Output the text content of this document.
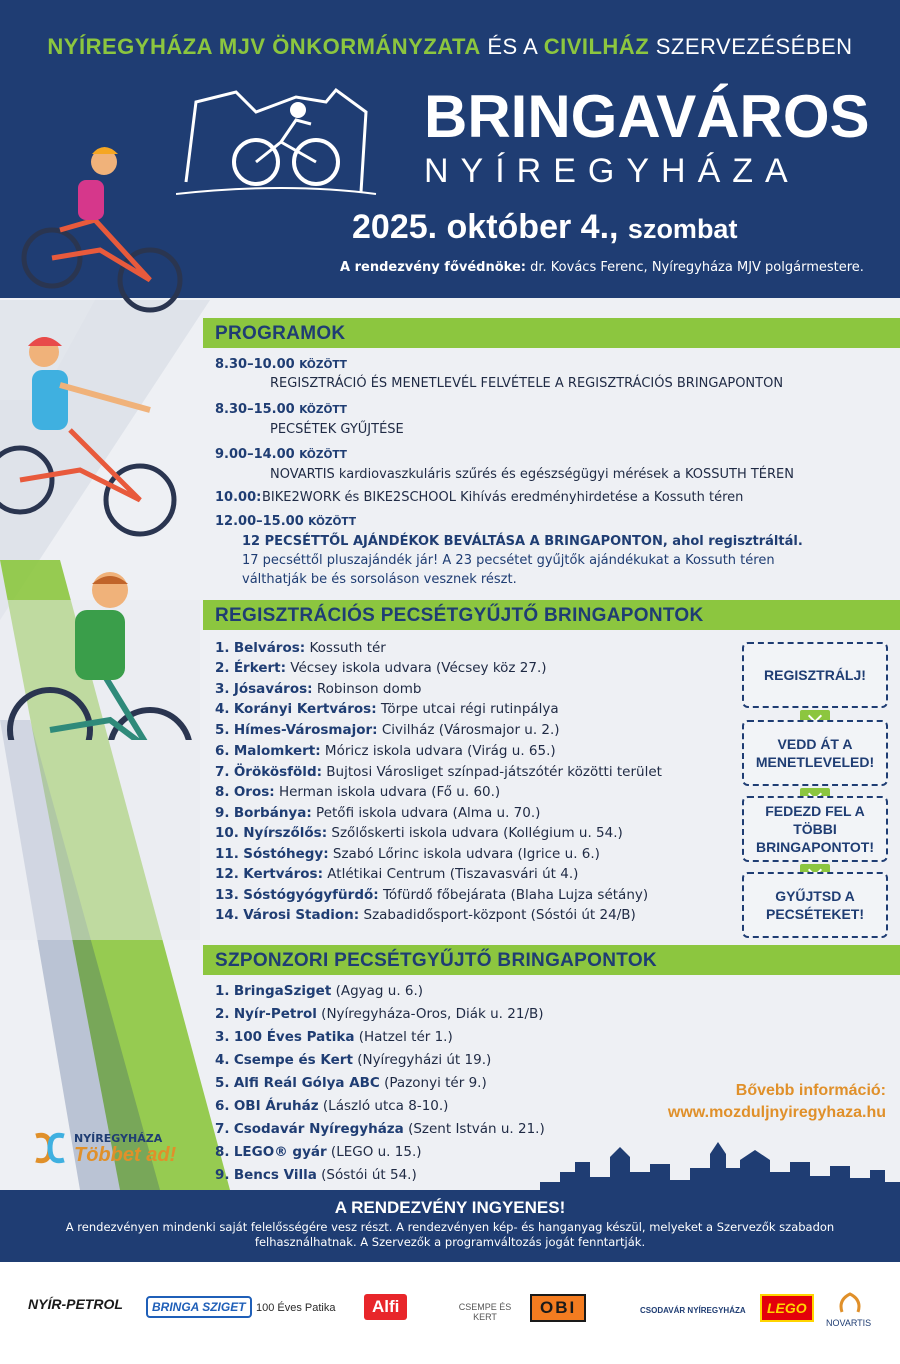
NYÍREGYHÁZA MJV ÖNKORMÁNYZATA ÉS A CIVILHÁZ SZERVEZÉSÉBEN
BRINGAVÁROS
NYÍREGYHÁZA
2025. október 4., szombat
A rendezvény fővédnöke: dr. Kovács Ferenc, Nyíregyháza MJV polgármestere.
PROGRAMOK
8.30–10.00 KÖZÖTT
REGISZTRÁCIÓ ÉS MENETLEVÉL FELVÉTELE A REGISZTRÁCIÓS BRINGAPONTON
8.30–15.00 KÖZÖTT
PECSÉTEK GYŰJTÉSE
9.00–14.00 KÖZÖTT
NOVARTIS kardiovaszkuláris szűrés és egészségügyi mérések a KOSSUTH TÉREN
10.00: BIKE2WORK és BIKE2SCHOOL Kihívás eredményhirdetése a Kossuth téren
12.00–15.00 KÖZÖTT
12 PECSÉTTŐL AJÁNDÉKOK BEVÁLTÁSA A BRINGAPONTON, ahol regisztráltál.
17 pecséttől pluszajándék jár! A 23 pecsétet gyűjtők ajándékukat a Kossuth téren
válthatják be és sorsoláson vesznek részt.
REGISZTRÁCIÓS PECSÉTGYŰJTŐ BRINGAPONTOK
1. Belváros: Kossuth tér
2. Érkert: Vécsey iskola udvara (Vécsey köz 27.)
3. Jósaváros: Robinson domb
4. Korányi Kertváros: Törpe utcai régi rutinpálya
5. Hímes-Városmajor: Civilház (Városmajor u. 2.)
6. Malomkert: Móricz iskola udvara (Virág u. 65.)
7. Örökösföld: Bujtosi Városliget színpad-játszótér közötti terület
8. Oros: Herman iskola udvara (Fő u. 60.)
9. Borbánya: Petőfi iskola udvara (Alma u. 70.)
10. Nyírszőlős: Szőlőskerti iskola udvara (Kollégium u. 54.)
11. Sóstóhegy: Szabó Lőrinc iskola udvara (Igrice u. 6.)
12. Kertváros: Atlétikai Centrum (Tiszavasvári út 4.)
13. Sóstógyógyfürdő: Tófürdő főbejárata (Blaha Lujza sétány)
14. Városi Stadion: Szabadidősport-központ (Sóstói út 24/B)
REGISZTRÁLJ!
VEDD ÁT A MENETLEVELED!
FEDEZD FEL A TÖBBI BRINGAPONTOT!
GYŰJTSD A PECSÉTEKET!
SZPONZORI PECSÉTGYŰJTŐ BRINGAPONTOK
1. BringaSziget (Agyag u. 6.)
2. Nyír-Petrol (Nyíregyháza-Oros, Diák u. 21/B)
3. 100 Éves Patika (Hatzel tér 1.)
4. Csempe és Kert (Nyíregyházi út 19.)
5. Alfi Reál Gólya ABC (Pazonyi tér 9.)
6. OBI Áruház (László utca 8-10.)
7. Csodavár Nyíregyháza (Szent István u. 21.)
8. LEGO® gyár (LEGO u. 15.)
9. Bencs Villa (Sóstói út 54.)
Bővebb információ:
www.mozduljnyiregyhaza.hu
NYÍREGYHÁZA
Többet ad!
A RENDEZVÉNY INGYENES!
A rendezvényen mindenki saját felelősségére vesz részt. A rendezvényen kép- és hanganyag készül, melyeket a Szervezők szabadon felhasználhatnak. A Szervezők a programváltozás jogát fenntartják.
NYÍR-PETROL	BRINGA SZIGET 100 Éves Patika	Alfi	CSEMPE ÉS KERT	OBI	CSODAVÁR NYÍREGYHÁZA	LEGO
NOVARTIS
